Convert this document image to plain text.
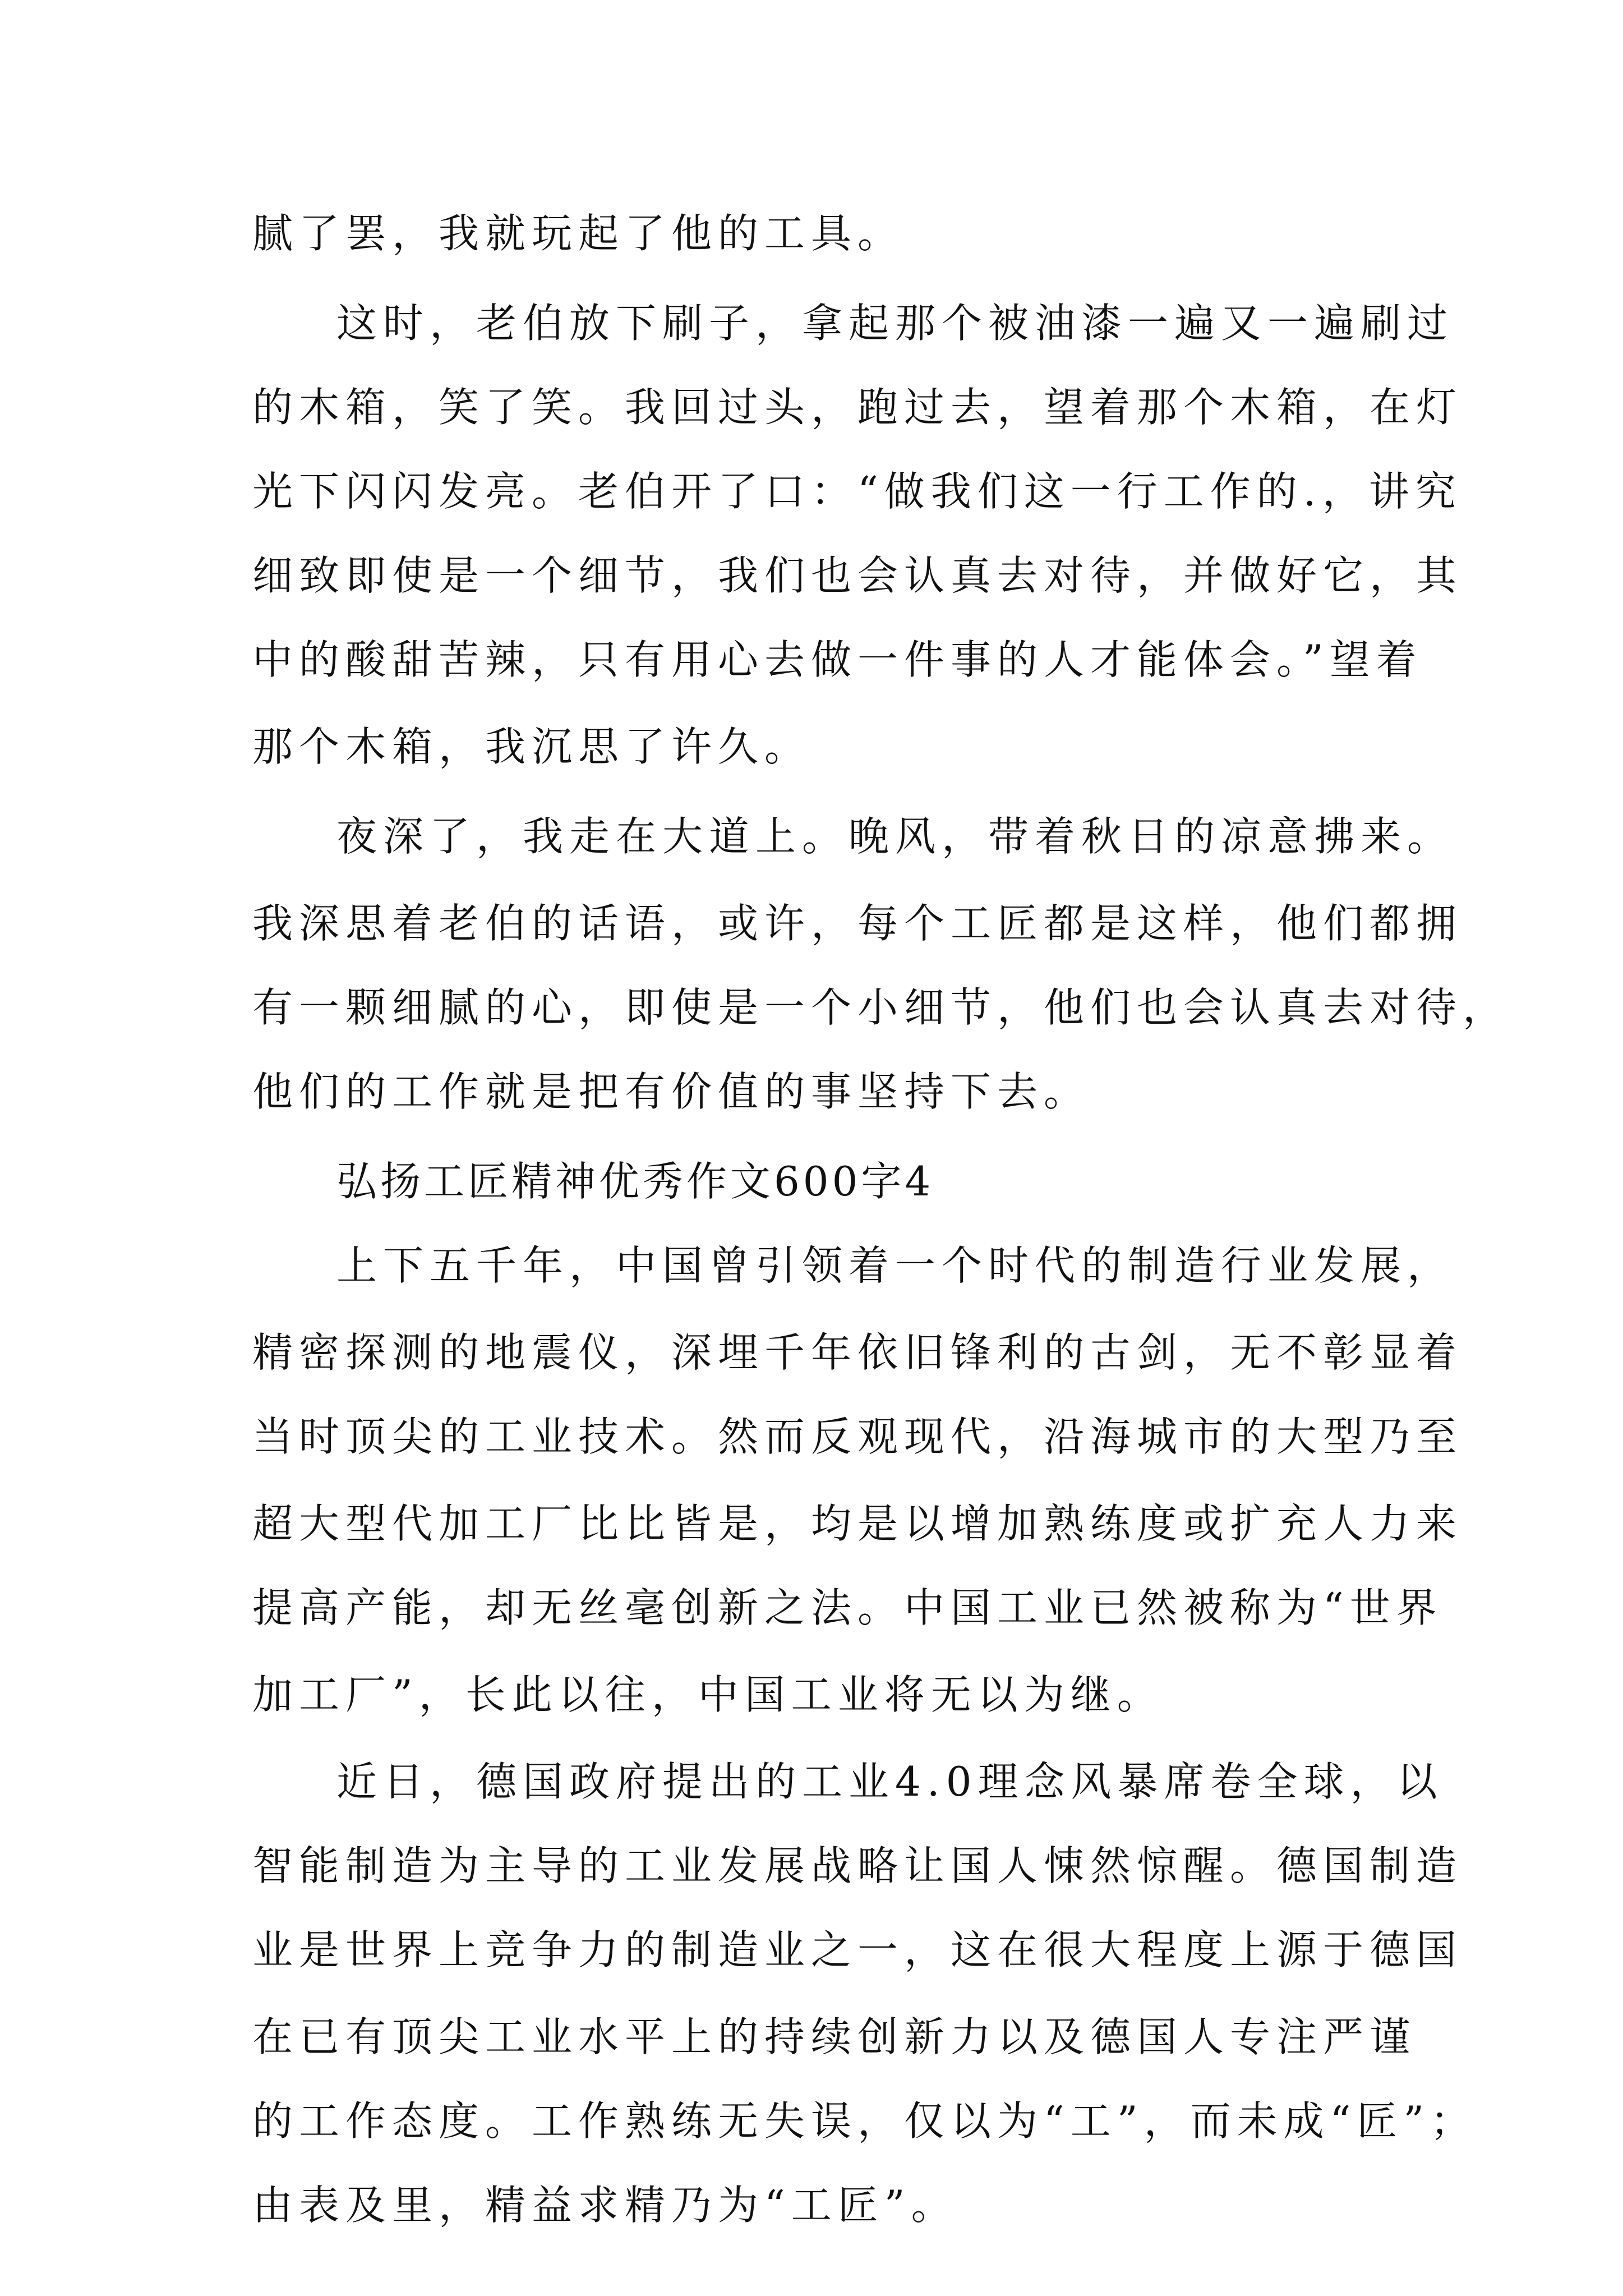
腻了罢，我就玩起了他的工具。
这时，老伯放下刷子，拿起那个被油漆一遍又一遍刷过
的木箱，笑了笑。我回过头，跑过去，望着那个木箱，在灯
光下闪闪发亮。老伯开了口：“做我们这一行工作的.，讲究
细致即使是一个细节，我们也会认真去对待，并做好它，其
中的酸甜苦辣，只有用心去做一件事的人才能体会。”望着
那个木箱，我沉思了许久。
夜深了，我走在大道上。晚风，带着秋日的凉意拂来。
我深思着老伯的话语，或许，每个工匠都是这样，他们都拥
有一颗细腻的心，即使是一个小细节，他们也会认真去对待，
他们的工作就是把有价值的事坚持下去。
弘扬工匠精神优秀作文600字4
上下五千年，中国曾引领着一个时代的制造行业发展，
精密探测的地震仪，深埋千年依旧锋利的古剑，无不彰显着
当时顶尖的工业技术。然而反观现代，沿海城市的大型乃至
超大型代加工厂比比皆是，均是以增加熟练度或扩充人力来
提高产能，却无丝毫创新之法。中国工业已然被称为“世界
加工厂”，长此以往，中国工业将无以为继。
近日，德国政府提出的工业4.0理念风暴席卷全球，以
智能制造为主导的工业发展战略让国人悚然惊醒。德国制造
业是世界上竞争力的制造业之一，这在很大程度上源于德国
在已有顶尖工业水平上的持续创新力以及德国人专注严谨
的工作态度。工作熟练无失误，仅以为“工”，而未成“匠”；
由表及里，精益求精乃为“工匠”。
